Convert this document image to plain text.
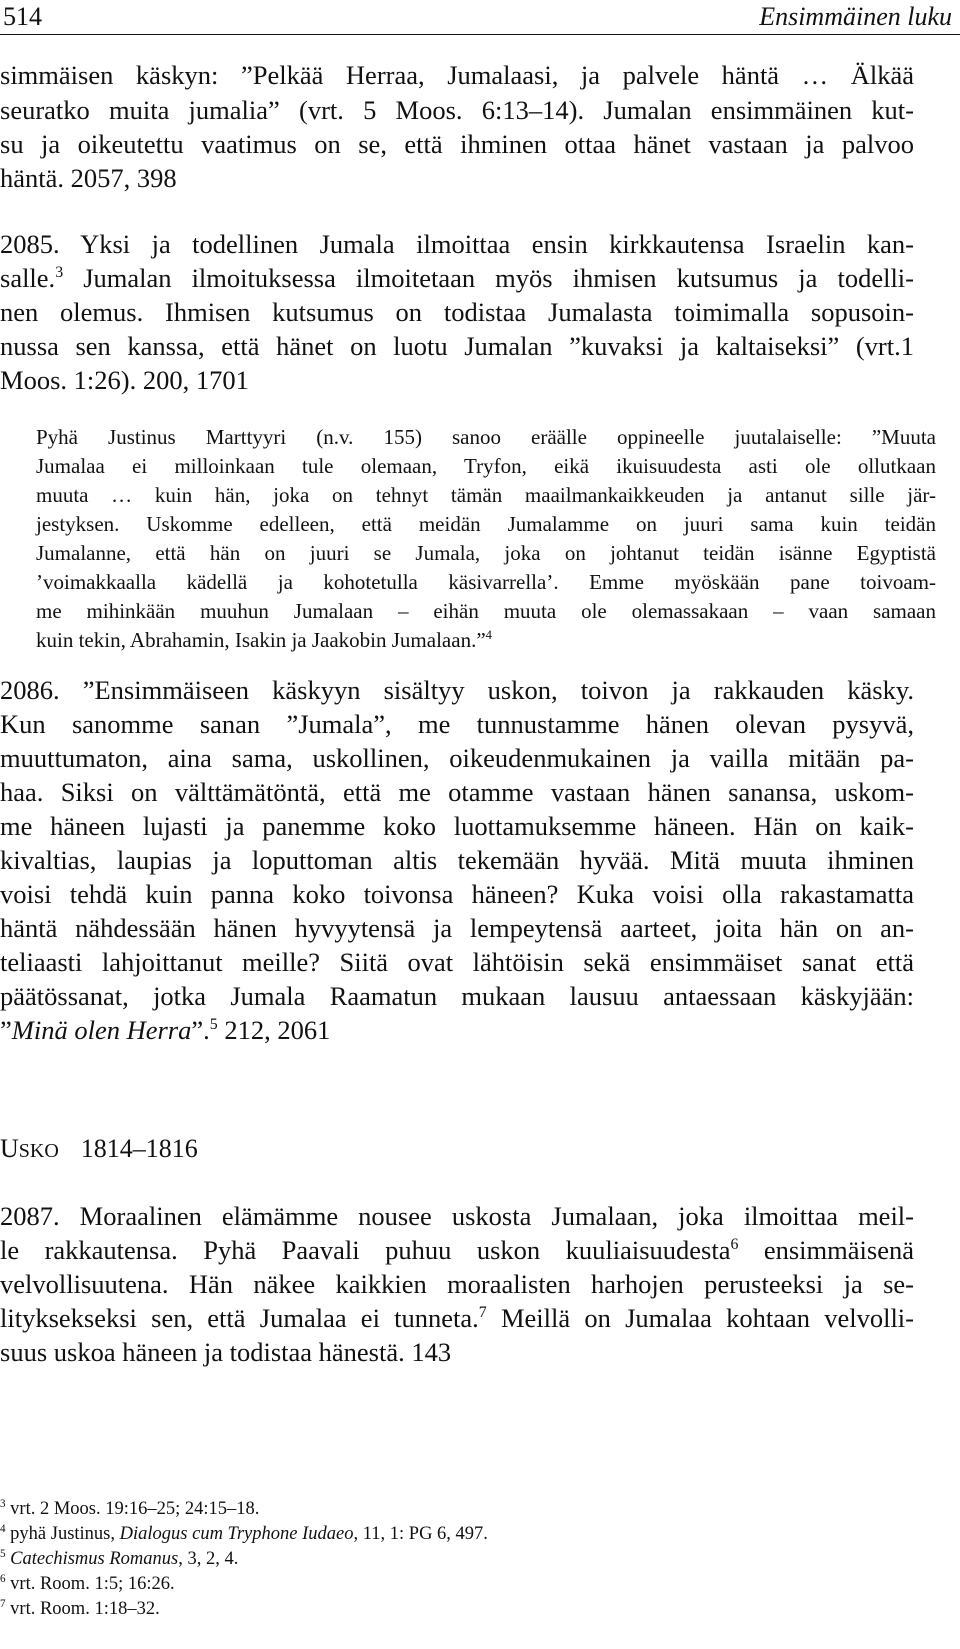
514	Ensimmäinen luku
simmäisen käskyn: ”Pelkää Herraa, Jumalaasi, ja palvele häntä … Älkää
seuratko muita jumalia” (vrt. 5 Moos. 6:13–14). Jumalan ensimmäinen kut-
su ja oikeutettu vaatimus on se, että ihminen ottaa hänet vastaan ja palvoo
häntä. 2057, 398
2085. Yksi ja todellinen Jumala ilmoittaa ensin kirkkautensa Israelin kan-
salle.$^3$ Jumalan ilmoituksessa ilmoitetaan myös ihmisen kutsumus ja todelli-
nen olemus. Ihmisen kutsumus on todistaa Jumalasta toimimalla sopusoin-
nussa sen kanssa, että hänet on luotu Jumalan ”kuvaksi ja kaltaiseksi” (vrt.1
Moos. 1:26). 200, 1701
Pyhä Justinus Marttyyri (n.v. 155) sanoo eräälle oppineelle juutalaiselle: ”Muuta
Jumalaa ei milloinkaan tule olemaan, Tryfon, eikä ikuisuudesta asti ole ollutkaan
muuta … kuin hän, joka on tehnyt tämän maailmankaikkeuden ja antanut sille jär-
jestyksen. Uskomme edelleen, että meidän Jumalamme on juuri sama kuin teidän
Jumalanne, että hän on juuri se Jumala, joka on johtanut teidän isänne Egyptistä
’voimakkaalla kädellä ja kohotetulla käsivarrella’. Emme myöskään pane toivoam-
me mihinkään muuhun Jumalaan – eihän muuta ole olemassakaan – vaan samaan
kuin tekin, Abrahamin, Isakin ja Jaakobin Jumalaan.”$^4$
2086. ”Ensimmäiseen käskyyn sisältyy uskon, toivon ja rakkauden käsky.
Kun sanomme sanan ”Jumala”, me tunnustamme hänen olevan pysyvä,
muuttumaton, aina sama, uskollinen, oikeudenmukainen ja vailla mitään pa-
haa. Siksi on välttämätöntä, että me otamme vastaan hänen sanansa, uskom-
me häneen lujasti ja panemme koko luottamuksemme häneen. Hän on kaik-
kivaltias, laupias ja loputtoman altis tekemään hyvää. Mitä muuta ihminen
voisi tehdä kuin panna koko toivonsa häneen? Kuka voisi olla rakastamatta
häntä nähdessään hänen hyvyytensä ja lempeytensä aarteet, joita hän on an-
teliaasti lahjoittanut meille? Siitä ovat lähtöisin sekä ensimmäiset sanat että
päätössanat, jotka Jumala Raamatun mukaan lausuu antaessaan käskyjään:
”Minä olen Herra”.$^5$ 212, 2061
USKO 1814–1816
2087. Moraalinen elämämme nousee uskosta Jumalaan, joka ilmoittaa meil-
le rakkautensa. Pyhä Paavali puhuu uskon kuuliaisuudesta$^6$ ensimmäisenä
velvollisuutena. Hän näkee kaikkien moraalisten harhojen perusteeksi ja se-
lityksekseksi sen, että Jumalaa ei tunneta.$^7$ Meillä on Jumalaa kohtaan velvolli-
suus uskoa häneen ja todistaa hänestä. 143
$^3$ vrt. 2 Moos. 19:16–25; 24:15–18.
$^4$ pyhä Justinus, Dialogus cum Tryphone Iudaeo, 11, 1: PG 6, 497.
$^5$ Catechismus Romanus, 3, 2, 4.
$^6$ vrt. Room. 1:5; 16:26.
$^7$ vrt. Room. 1:18–32.
